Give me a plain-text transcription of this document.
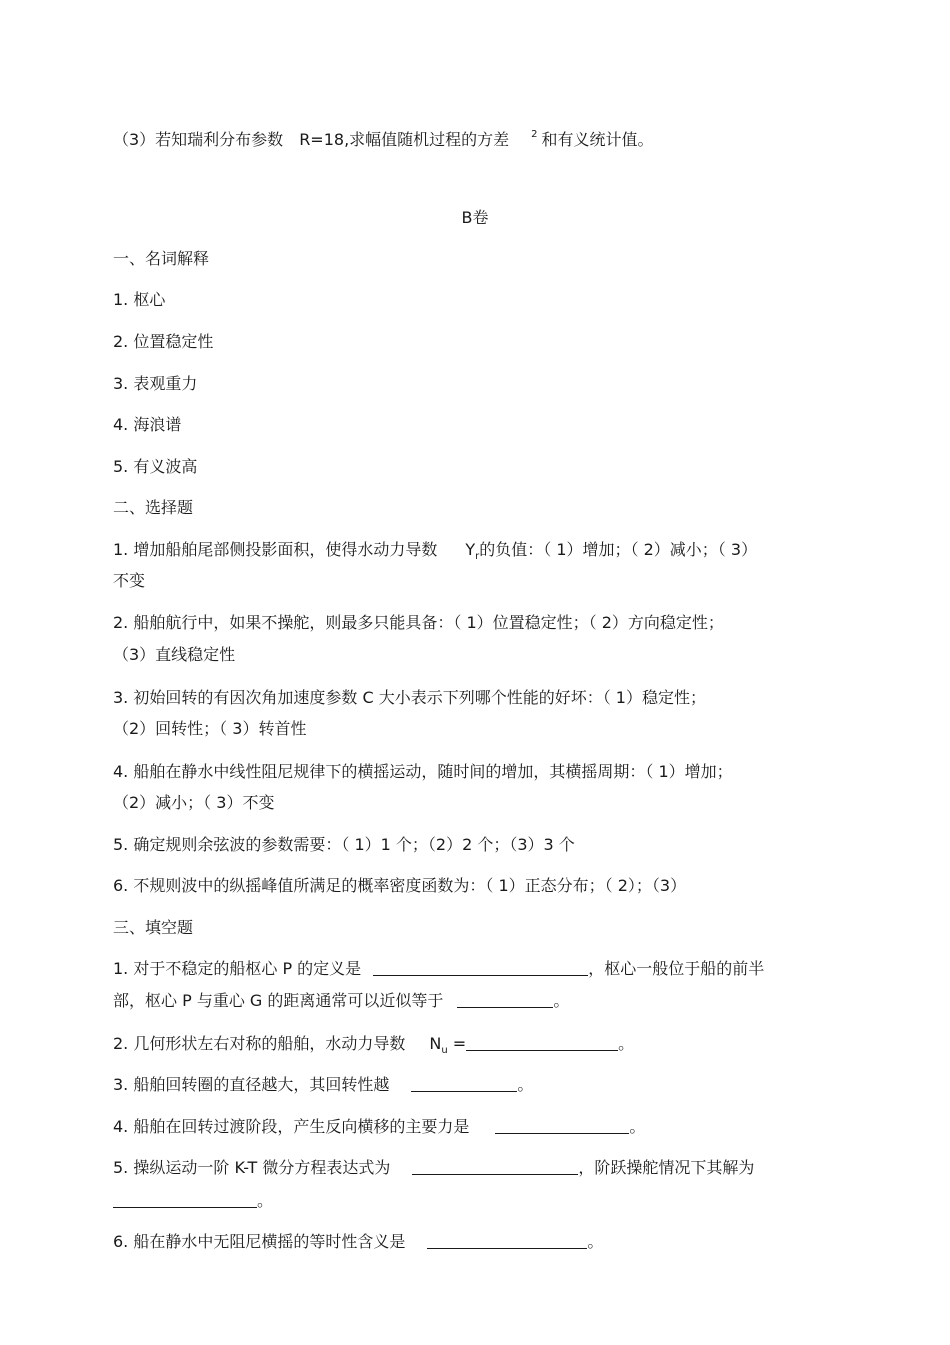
（3）若知瑞利分布参数 R=18,求幅值随机过程的方差 $^2$ 和有义统计值。
B卷
一、名词解释
1. 枢心
2. 位置稳定性
3. 表观重力
4. 海浪谱
5. 有义波高
二、选择题
1. 增加船舶尾部侧投影面积，使得水动力导数 $Y_r$的负值：（ 1）增加；（ 2）减小；（ 3）
不变
2. 船舶航行中，如果不操舵，则最多只能具备：（ 1）位置稳定性；（ 2）方向稳定性；
（3）直线稳定性
3. 初始回转的有因次角加速度参数 C 大小表示下列哪个性能的好坏：（ 1）稳定性；
（2）回转性；（ 3）转首性
4. 船舶在静水中线性阻尼规律下的横摇运动，随时间的增加，其横摇周期：（ 1）增加；
（2）减小；（ 3）不变
5. 确定规则余弦波的参数需要：（ 1）1 个；（2）2 个；（3）3 个
6. 不规则波中的纵摇峰值所满足的概率密度函数为：（ 1）正态分布；（ 2）；（3）
三、填空题
1. 对于不稳定的船枢心 P 的定义是	，枢心一般位于船的前半
部，枢心 P 与重心 G 的距离通常可以近似等于	。
2. 几何形状左右对称的船舶，水动力导数 $N_u$ =	。
3. 船舶回转圈的直径越大，其回转性越	。
4. 船舶在回转过渡阶段，产生反向横移的主要力是	。
5. 操纵运动一阶 K-T 微分方程表达式为	，阶跃操舵情况下其解为
。
6. 船在静水中无阻尼横摇的等时性含义是	。
